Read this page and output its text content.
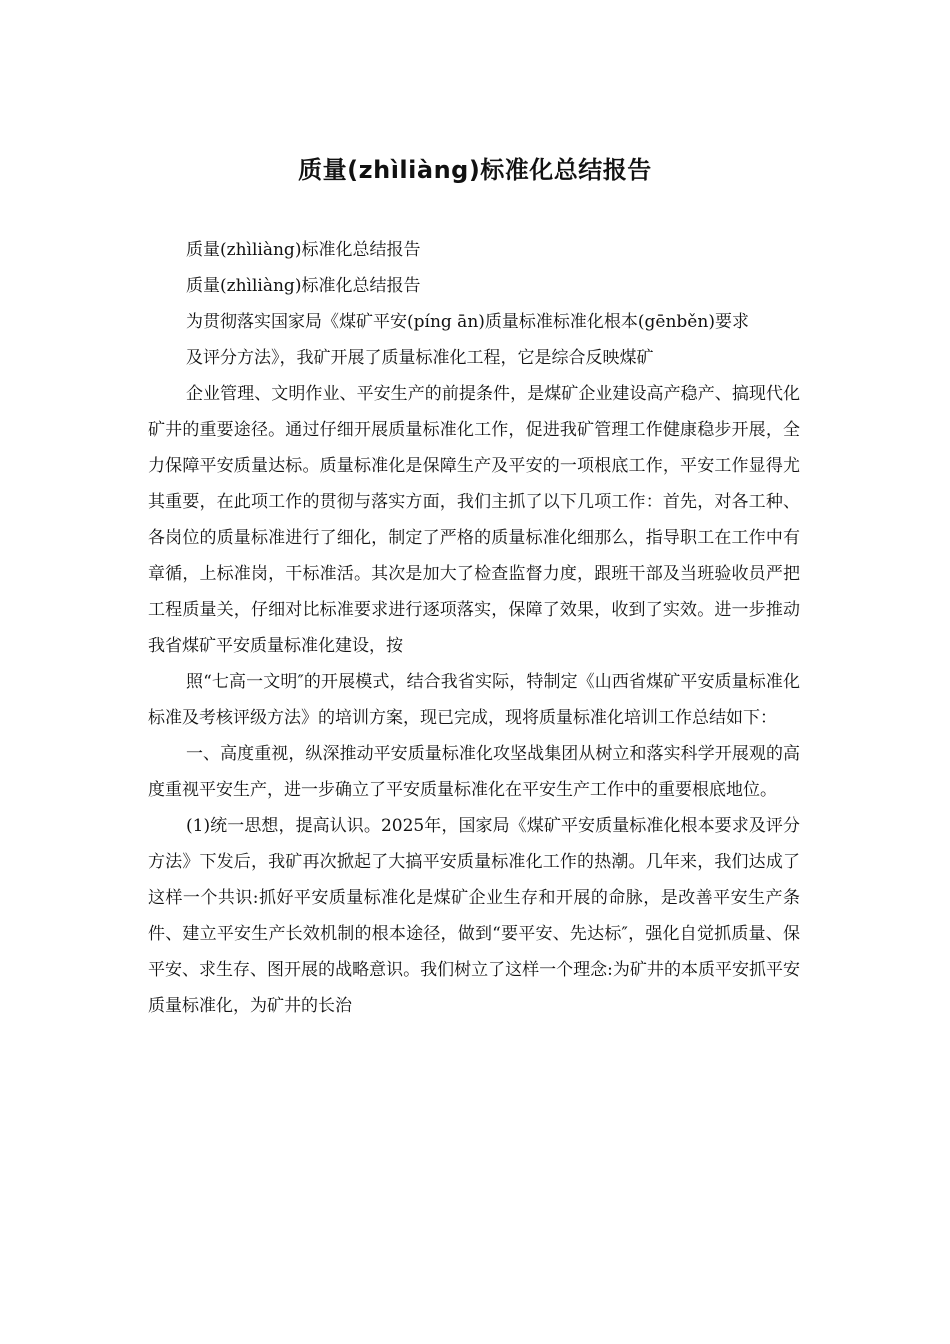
质量(zhìliàng)标准化总结报告

质量(zhìliàng)标准化总结报告

质量(zhìliàng)标准化总结报告

为贯彻落实国家局《煤矿平安(píng ān)质量标准标准化根本(gēnběn)要求

及评分方法》，我矿开展了质量标准化工程，它是综合反映煤矿

企业管理、文明作业、平安生产的前提条件，是煤矿企业建设高产稳产、搞现代化矿井的重要途径。通过仔细开展质量标准化工作，促进我矿管理工作健康稳步开展，全力保障平安质量达标。质量标准化是保障生产及平安的一项根底工作，平安工作显得尤其重要，在此项工作的贯彻与落实方面，我们主抓了以下几项工作：首先，对各工种、各岗位的质量标准进行了细化，制定了严格的质量标准化细那么，指导职工在工作中有章循，上标准岗，干标准活。其次是加大了检查监督力度，跟班干部及当班验收员严把工程质量关，仔细对比标准要求进行逐项落实，保障了效果，收到了实效。进一步推动我省煤矿平安质量标准化建设，按

照“七高一文明″的开展模式，结合我省实际，特制定《山西省煤矿平安质量标准化标准及考核评级方法》的培训方案，现已完成，现将质量标准化培训工作总结如下：

一、高度重视，纵深推动平安质量标准化攻坚战集团从树立和落实科学开展观的高度重视平安生产，进一步确立了平安质量标准化在平安生产工作中的重要根底地位。

(1)统一思想，提高认识。2025年，国家局《煤矿平安质量标准化根本要求及评分方法》下发后，我矿再次掀起了大搞平安质量标准化工作的热潮。几年来，我们达成了这样一个共识:抓好平安质量标准化是煤矿企业生存和开展的命脉，是改善平安生产条件、建立平安生产长效机制的根本途径，做到“要平安、先达标″，强化自觉抓质量、保平安、求生存、图开展的战略意识。我们树立了这样一个理念:为矿井的本质平安抓平安质量标准化，为矿井的长治
